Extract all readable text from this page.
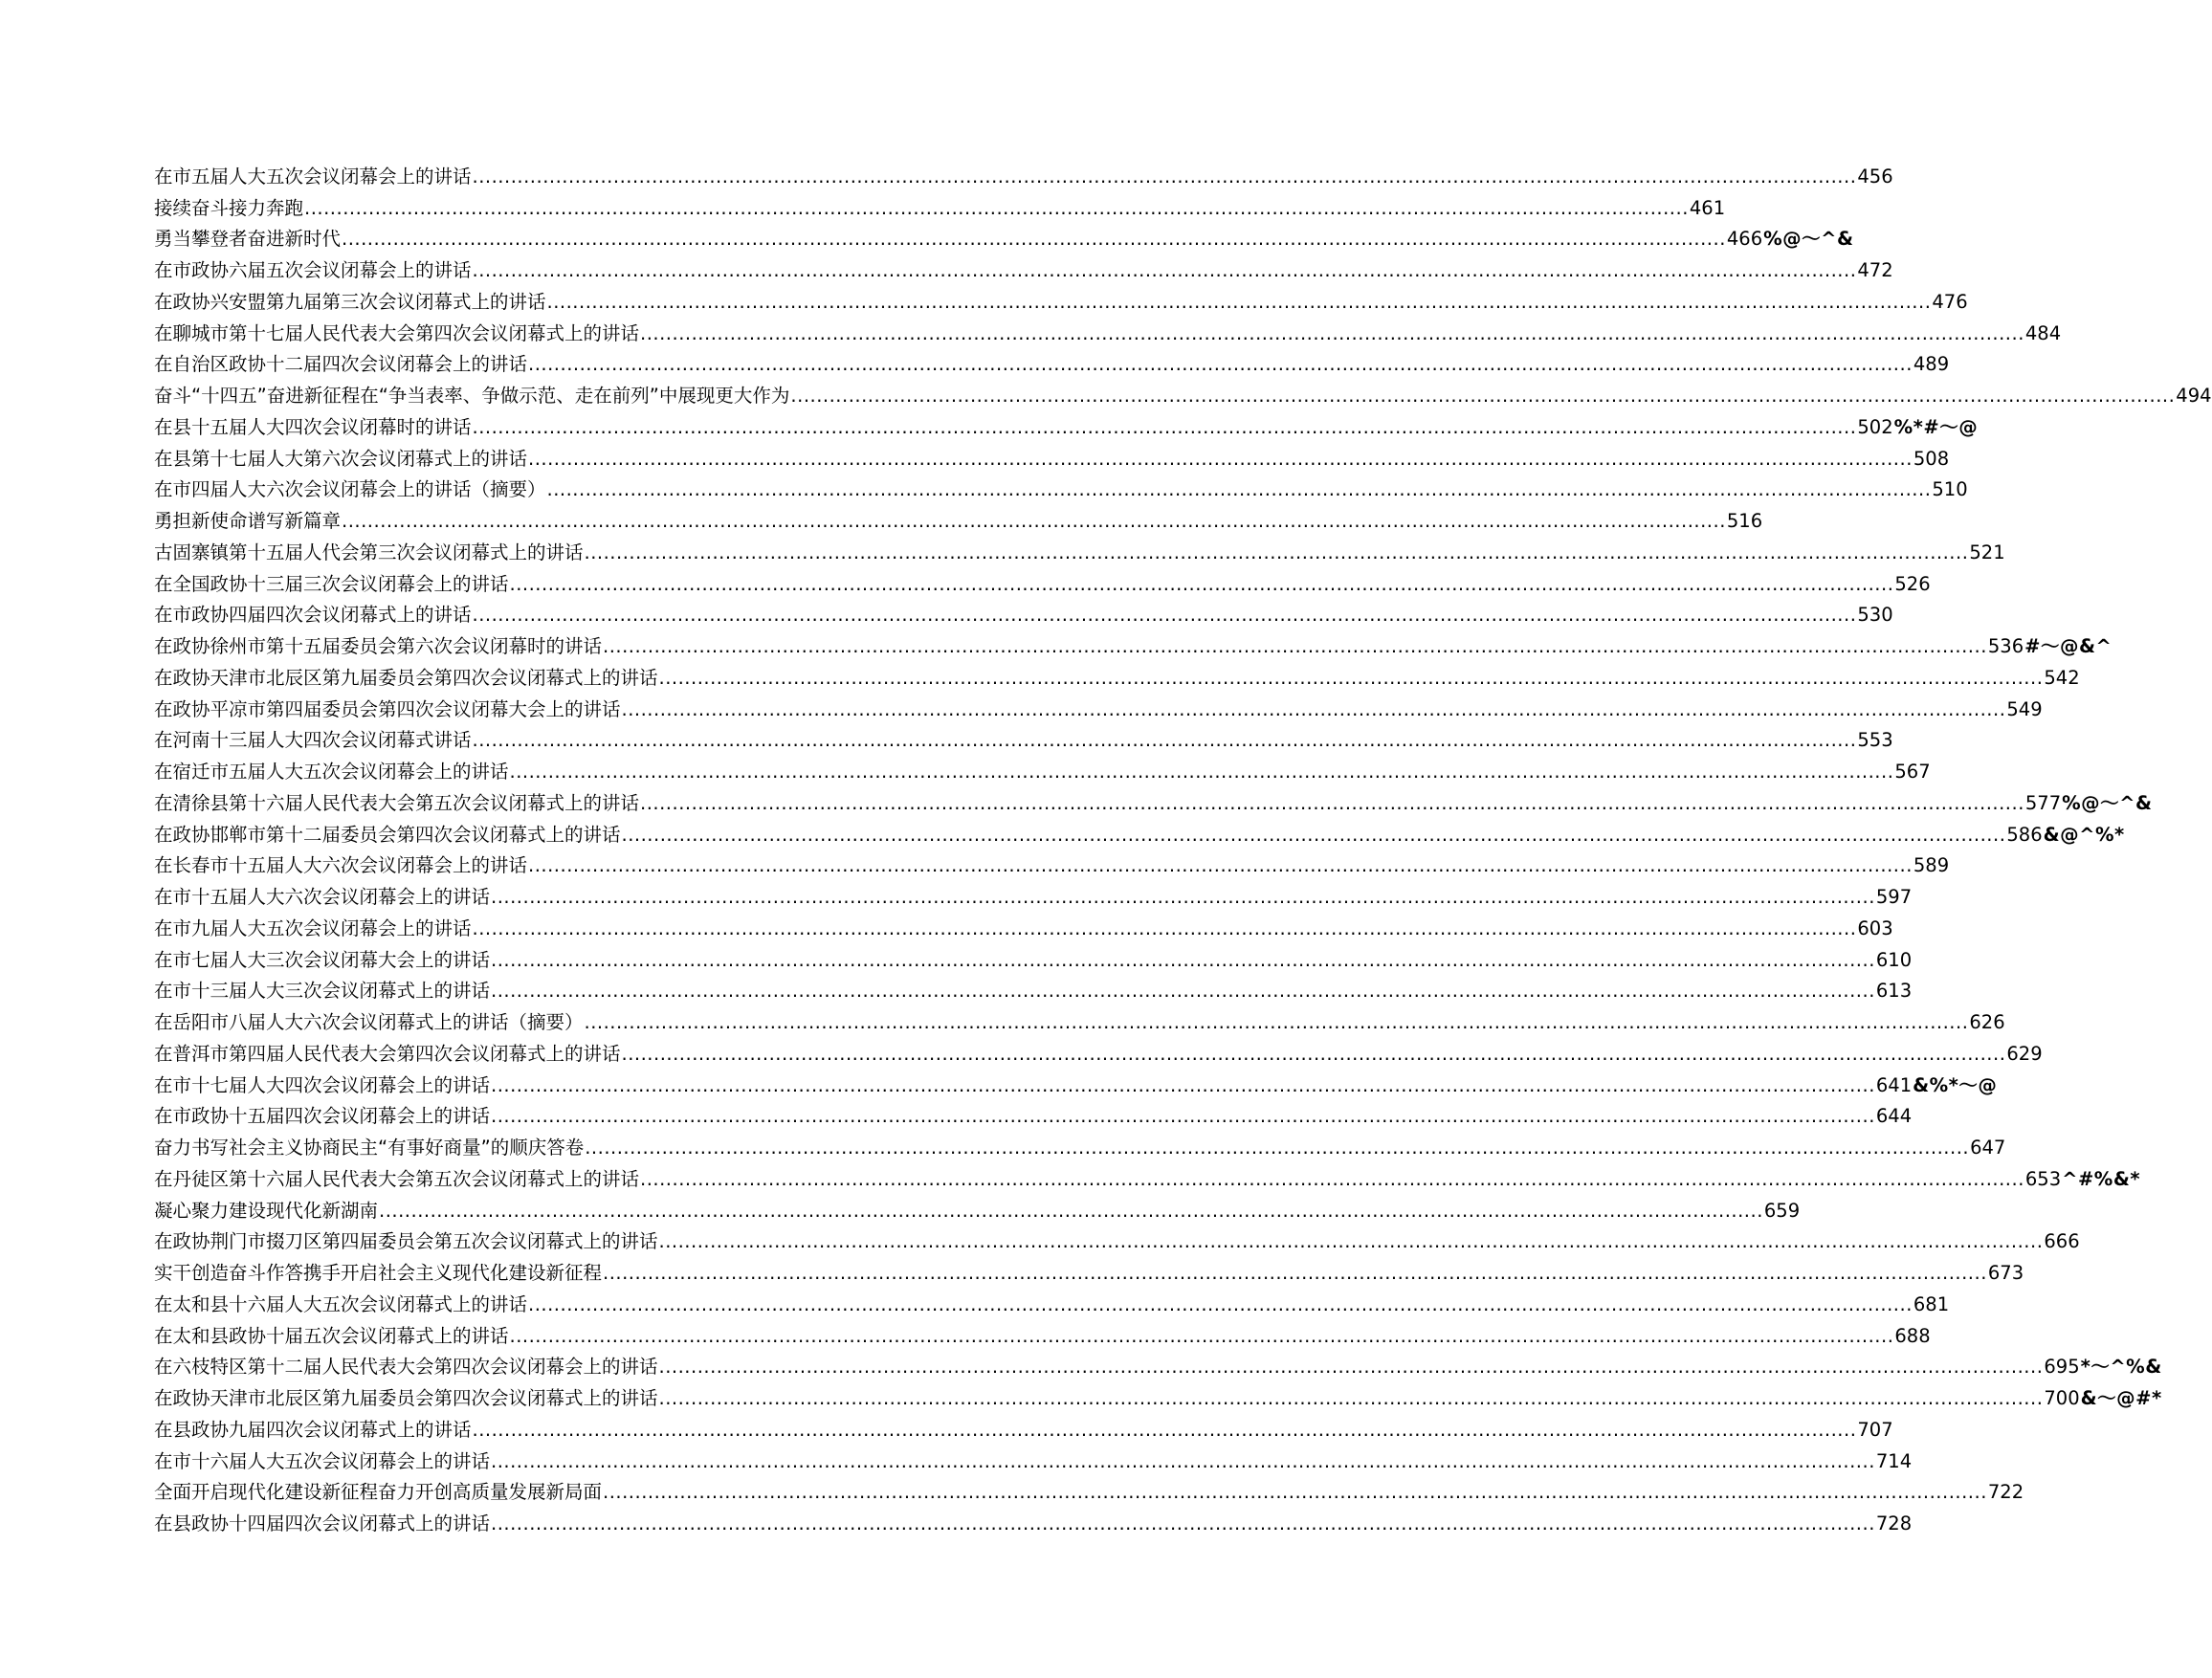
在市五届人大五次会议闭幕会上的讲话 ........................................................................................................................................................................................................................ 456
接续奋斗接力奔跑 ........................................................................................................................................................................................................................ 461
勇当攀登者奋进新时代 ........................................................................................................................................................................................................................ 466 %@～^&
在市政协六届五次会议闭幕会上的讲话 ........................................................................................................................................................................................................................ 472
在政协兴安盟第九届第三次会议闭幕式上的讲话 ........................................................................................................................................................................................................................ 476
在聊城市第十七届人民代表大会第四次会议闭幕式上的讲话 ........................................................................................................................................................................................................................ 484
在自治区政协十二届四次会议闭幕会上的讲话 ........................................................................................................................................................................................................................ 489
奋斗“十四五”奋进新征程在“争当表率、争做示范、走在前列”中展现更大作为 ........................................................................................................................................................................................................................ 494
在县十五届人大四次会议闭幕时的讲话 ........................................................................................................................................................................................................................ 502 %*#～@
在县第十七届人大第六次会议闭幕式上的讲话 ........................................................................................................................................................................................................................ 508
在市四届人大六次会议闭幕会上的讲话（摘要） ........................................................................................................................................................................................................................ 510
勇担新使命谱写新篇章 ........................................................................................................................................................................................................................ 516
古固寨镇第十五届人代会第三次会议闭幕式上的讲话 ........................................................................................................................................................................................................................ 521
在全国政协十三届三次会议闭幕会上的讲话 ........................................................................................................................................................................................................................ 526
在市政协四届四次会议闭幕式上的讲话 ........................................................................................................................................................................................................................ 530
在政协徐州市第十五届委员会第六次会议闭幕时的讲话 ........................................................................................................................................................................................................................ 536 #～@&^
在政协天津市北辰区第九届委员会第四次会议闭幕式上的讲话 ........................................................................................................................................................................................................................ 542
在政协平凉市第四届委员会第四次会议闭幕大会上的讲话 ........................................................................................................................................................................................................................ 549
在河南十三届人大四次会议闭幕式讲话 ........................................................................................................................................................................................................................ 553
在宿迁市五届人大五次会议闭幕会上的讲话 ........................................................................................................................................................................................................................ 567
在清徐县第十六届人民代表大会第五次会议闭幕式上的讲话 ........................................................................................................................................................................................................................ 577 %@～^&
在政协邯郸市第十二届委员会第四次会议闭幕式上的讲话 ........................................................................................................................................................................................................................ 586 &@^%*
在长春市十五届人大六次会议闭幕会上的讲话 ........................................................................................................................................................................................................................ 589
在市十五届人大六次会议闭幕会上的讲话 ........................................................................................................................................................................................................................ 597
在市九届人大五次会议闭幕会上的讲话 ........................................................................................................................................................................................................................ 603
在市七届人大三次会议闭幕大会上的讲话 ........................................................................................................................................................................................................................ 610
在市十三届人大三次会议闭幕式上的讲话 ........................................................................................................................................................................................................................ 613
在岳阳市八届人大六次会议闭幕式上的讲话（摘要） ........................................................................................................................................................................................................................ 626
在普洱市第四届人民代表大会第四次会议闭幕式上的讲话 ........................................................................................................................................................................................................................ 629
在市十七届人大四次会议闭幕会上的讲话 ........................................................................................................................................................................................................................ 641 &%*～@
在市政协十五届四次会议闭幕会上的讲话 ........................................................................................................................................................................................................................ 644
奋力书写社会主义协商民主“有事好商量”的顺庆答卷 ........................................................................................................................................................................................................................ 647
在丹徒区第十六届人民代表大会第五次会议闭幕式上的讲话 ........................................................................................................................................................................................................................ 653 ^#%&*
凝心聚力建设现代化新湖南 ........................................................................................................................................................................................................................ 659
在政协荆门市掇刀区第四届委员会第五次会议闭幕式上的讲话 ........................................................................................................................................................................................................................ 666
实干创造奋斗作答携手开启社会主义现代化建设新征程 ........................................................................................................................................................................................................................ 673
在太和县十六届人大五次会议闭幕式上的讲话 ........................................................................................................................................................................................................................ 681
在太和县政协十届五次会议闭幕式上的讲话 ........................................................................................................................................................................................................................ 688
在六枝特区第十二届人民代表大会第四次会议闭幕会上的讲话 ........................................................................................................................................................................................................................ 695 *～^%&
在政协天津市北辰区第九届委员会第四次会议闭幕式上的讲话 ........................................................................................................................................................................................................................ 700 &～@#*
在县政协九届四次会议闭幕式上的讲话 ........................................................................................................................................................................................................................ 707
在市十六届人大五次会议闭幕会上的讲话 ........................................................................................................................................................................................................................ 714
全面开启现代化建设新征程奋力开创高质量发展新局面 ........................................................................................................................................................................................................................ 722
在县政协十四届四次会议闭幕式上的讲话 ........................................................................................................................................................................................................................ 728
